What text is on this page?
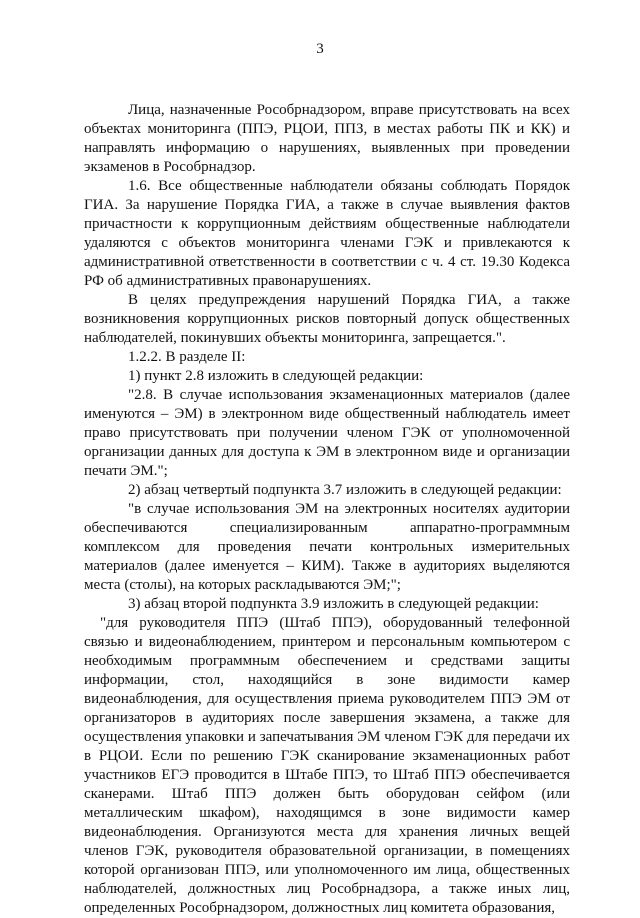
3

Лица, назначенные Рособрнадзором, вправе присутствовать на всех объектах мониторинга (ППЭ, РЦОИ, ППЗ, в местах работы ПК и КК) и направлять информацию о нарушениях, выявленных при проведении экзаменов в Рособрнадзор.

1.6. Все общественные наблюдатели обязаны соблюдать Порядок ГИА. За нарушение Порядка ГИА, а также в случае выявления фактов причастности к коррупционным действиям общественные наблюдатели удаляются с объектов мониторинга членами ГЭК и привлекаются к административной ответственности в соответствии с ч. 4 ст. 19.30 Кодекса РФ об административных правонарушениях.

В целях предупреждения нарушений Порядка ГИА, а также возникновения коррупционных рисков повторный допуск общественных наблюдателей, покинувших объекты мониторинга, запрещается.".

1.2.2. В разделе II:

1) пункт 2.8 изложить в следующей редакции:

"2.8. В случае использования экзаменационных материалов (далее именуются – ЭМ) в электронном виде общественный наблюдатель имеет право присутствовать при получении членом ГЭК от уполномоченной организации данных для доступа к ЭМ в электронном виде и организации печати ЭМ.";

2) абзац четвертый подпункта 3.7 изложить в следующей редакции:

"в случае использования ЭМ на электронных носителях аудитории обеспечиваются специализированным аппаратно-программным комплексом для проведения печати контрольных измерительных материалов (далее именуется – КИМ). Также в аудиториях выделяются места (столы), на которых раскладываются ЭМ;";

3) абзац второй подпункта 3.9 изложить в следующей редакции:

"для руководителя ППЭ (Штаб ППЭ), оборудованный телефонной связью и видеонаблюдением, принтером и персональным компьютером с необходимым программным обеспечением и средствами защиты информации, стол, находящийся в зоне видимости камер видеонаблюдения, для осуществления приема руководителем ППЭ ЭМ от организаторов в аудиториях после завершения экзамена, а также для осуществления упаковки и запечатывания ЭМ членом ГЭК для передачи их в РЦОИ. Если по решению ГЭК сканирование экзаменационных работ участников ЕГЭ проводится в Штабе ППЭ, то Штаб ППЭ обеспечивается сканерами. Штаб ППЭ должен быть оборудован сейфом (или металлическим шкафом), находящимся в зоне видимости камер видеонаблюдения. Организуются места для хранения личных вещей членов ГЭК, руководителя образовательной организации, в помещениях которой организован ППЭ, или уполномоченного им лица, общественных наблюдателей, должностных лиц Рособрнадзора, а также иных лиц, определенных Рособрнадзором, должностных лиц комитета образования,
